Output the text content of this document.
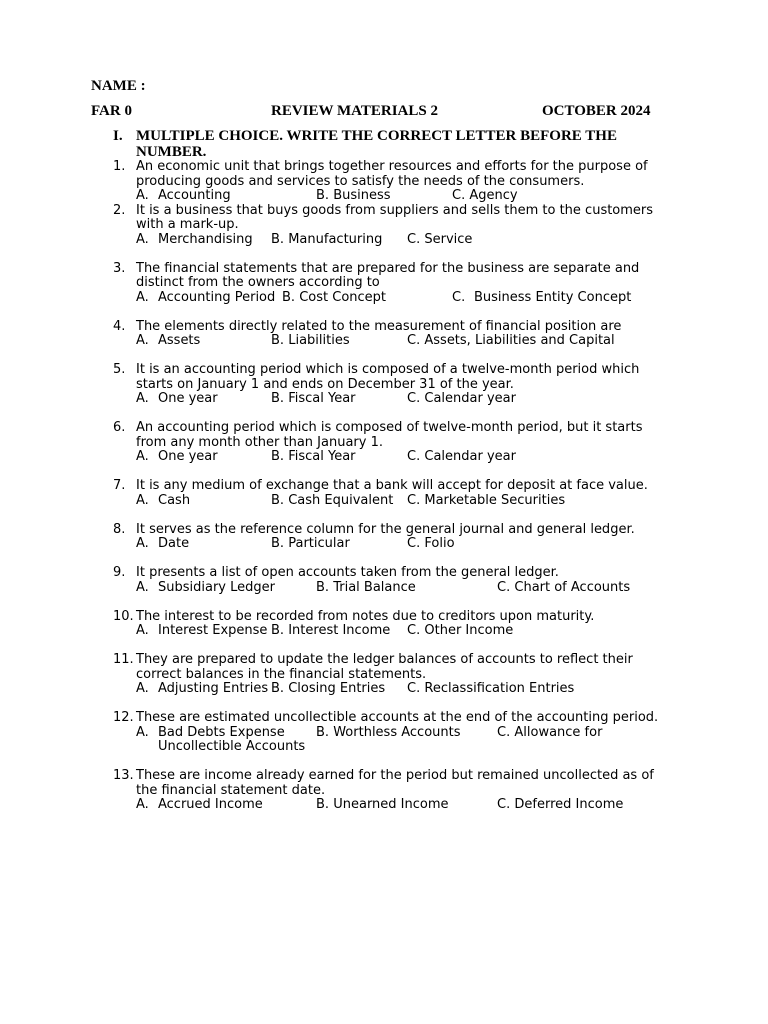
NAME :
FAR 0	REVIEW MATERIALS 2	OCTOBER 2024
I. MULTIPLE CHOICE. WRITE THE CORRECT LETTER BEFORE THE
NUMBER.
1. An economic unit that brings together resources and efforts for the purpose of
producing goods and services to satisfy the needs of the consumers.
A. Accounting	B. Business	C. Agency
2. It is a business that buys goods from suppliers and sells them to the customers
with a mark-up.
A. Merchandising B. Manufacturing C. Service
3. The financial statements that are prepared for the business are separate and
distinct from the owners according to
A. Accounting Period B. Cost Concept	C. Business Entity Concept
4. The elements directly related to the measurement of financial position are
A. Assets	B. Liabilities	C. Assets, Liabilities and Capital
5. It is an accounting period which is composed of a twelve-month period which
starts on January 1 and ends on December 31 of the year.
A. One year	B. Fiscal Year	C. Calendar year
6. An accounting period which is composed of twelve-month period, but it starts
from any month other than January 1.
A. One year	B. Fiscal Year	C. Calendar year
7. It is any medium of exchange that a bank will accept for deposit at face value.
A. Cash	B. Cash Equivalent C. Marketable Securities
8. It serves as the reference column for the general journal and general ledger.
A. Date	B. Particular	C. Folio
9. It presents a list of open accounts taken from the general ledger.
A. Subsidiary Ledger	B. Trial Balance	C. Chart of Accounts
10. The interest to be recorded from notes due to creditors upon maturity.
A. Interest Expense B. Interest Income C. Other Income
11. They are prepared to update the ledger balances of accounts to reflect their
correct balances in the financial statements.
A. Adjusting Entries B. Closing Entries C. Reclassification Entries
12. These are estimated uncollectible accounts at the end of the accounting period.
A. Bad Debts Expense B. Worthless Accounts	C. Allowance for
Uncollectible Accounts
13. These are income already earned for the period but remained uncollected as of
the financial statement date.
A. Accrued Income	B. Unearned Income	C. Deferred Income
